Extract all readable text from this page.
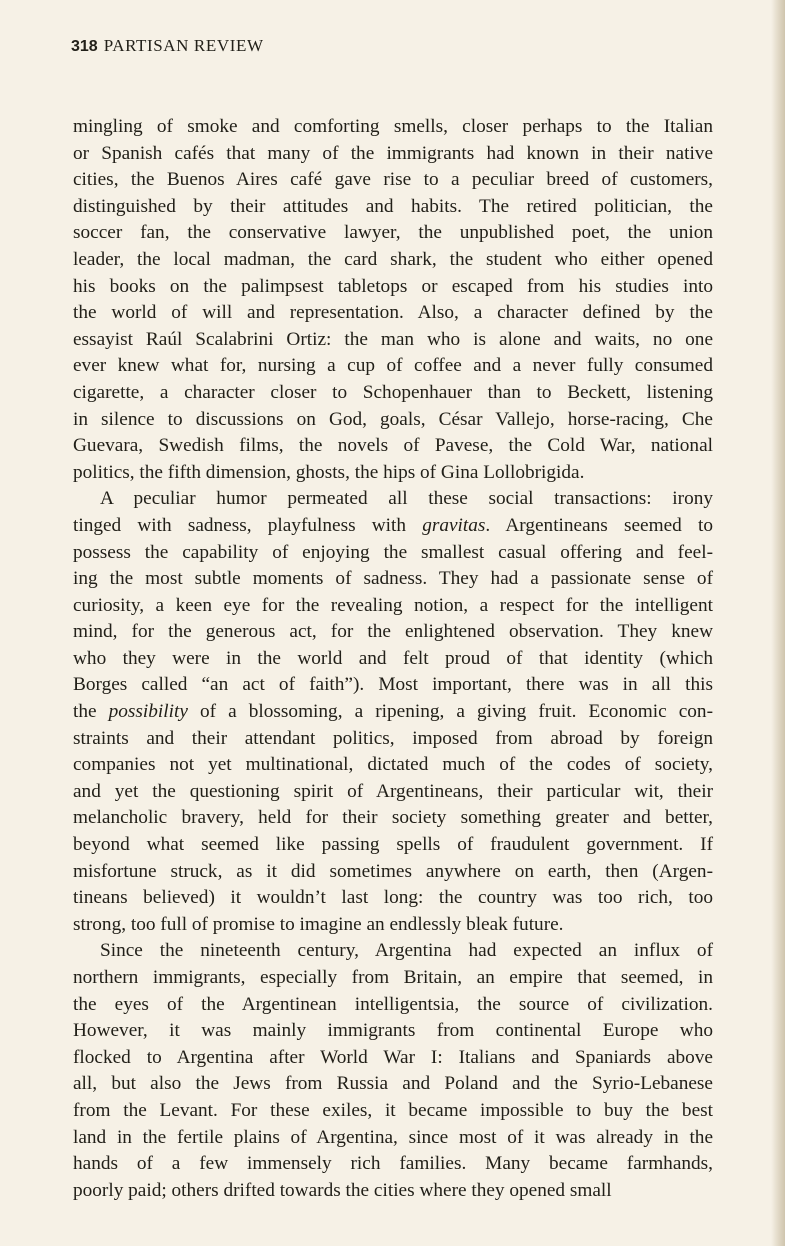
318 PARTISAN REVIEW
mingling of smoke and comforting smells, closer perhaps to the Italian
or Spanish cafés that many of the immigrants had known in their native
cities, the Buenos Aires café gave rise to a peculiar breed of customers,
distinguished by their attitudes and habits. The retired politician, the
soccer fan, the conservative lawyer, the unpublished poet, the union
leader, the local madman, the card shark, the student who either opened
his books on the palimpsest tabletops or escaped from his studies into
the world of will and representation. Also, a character defined by the
essayist Raúl Scalabrini Ortiz: the man who is alone and waits, no one
ever knew what for, nursing a cup of coffee and a never fully consumed
cigarette, a character closer to Schopenhauer than to Beckett, listening
in silence to discussions on God, goals, César Vallejo, horse-racing, Che
Guevara, Swedish films, the novels of Pavese, the Cold War, national
politics, the fifth dimension, ghosts, the hips of Gina Lollobrigida.
A peculiar humor permeated all these social transactions: irony
tinged with sadness, playfulness with gravitas. Argentineans seemed to
possess the capability of enjoying the smallest casual offering and feel-
ing the most subtle moments of sadness. They had a passionate sense of
curiosity, a keen eye for the revealing notion, a respect for the intelligent
mind, for the generous act, for the enlightened observation. They knew
who they were in the world and felt proud of that identity (which
Borges called “an act of faith”). Most important, there was in all this
the possibility of a blossoming, a ripening, a giving fruit. Economic con-
straints and their attendant politics, imposed from abroad by foreign
companies not yet multinational, dictated much of the codes of society,
and yet the questioning spirit of Argentineans, their particular wit, their
melancholic bravery, held for their society something greater and better,
beyond what seemed like passing spells of fraudulent government. If
misfortune struck, as it did sometimes anywhere on earth, then (Argen-
tineans believed) it wouldn’t last long: the country was too rich, too
strong, too full of promise to imagine an endlessly bleak future.
Since the nineteenth century, Argentina had expected an influx of
northern immigrants, especially from Britain, an empire that seemed, in
the eyes of the Argentinean intelligentsia, the source of civilization.
However, it was mainly immigrants from continental Europe who
flocked to Argentina after World War I: Italians and Spaniards above
all, but also the Jews from Russia and Poland and the Syrio-Lebanese
from the Levant. For these exiles, it became impossible to buy the best
land in the fertile plains of Argentina, since most of it was already in the
hands of a few immensely rich families. Many became farmhands,
poorly paid; others drifted towards the cities where they opened small
